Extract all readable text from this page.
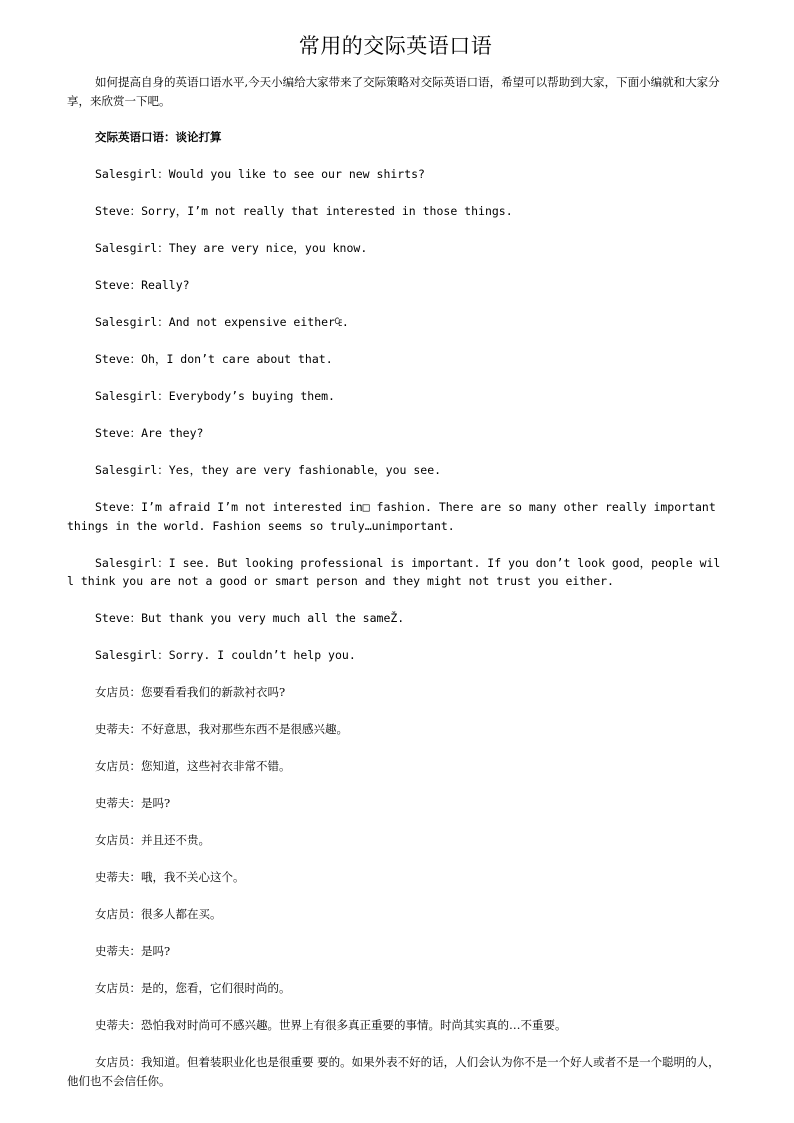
常用的交际英语口语

如何提高自身的英语口语水平,今天小编给大家带来了交际策略对交际英语口语，希望可以帮助到大家，下面小编就和大家分享，来欣赏一下吧。

交际英语口语：谈论打算

Salesgirl：Would you like to see our new shirts?

Steve：Sorry，I’m not really that interested in those things.

Salesgirl：They are very nice，you know.

Steve：Really?

Salesgirl：And not expensive either₠.

Steve：Oh，I don’t care about that.

Salesgirl：Everybody’s buying them.

Steve：Are they?

Salesgirl：Yes，they are very fashionable，you see.

Steve：I’m afraid I’m not interested in□ fashion. There are so many other really important things in the world. Fashion seems so truly…unimportant.

Salesgirl：I see. But looking professional is important. If you don’t look good，people will think you are not a good or smart person and they might not trust you either.

Steve：But thank you very much all the sameŽ.

Salesgirl：Sorry. I couldn’t help you.

女店员：您要看看我们的新款衬衣吗?

史蒂夫：不好意思，我对那些东西不是很感兴趣。

女店员：您知道，这些衬衣非常不错。

史蒂夫：是吗?

女店员：并且还不贵。

史蒂夫：哦，我不关心这个。

女店员：很多人都在买。

史蒂夫：是吗?

女店员：是的，您看，它们很时尚的。

史蒂夫：恐怕我对时尚可不感兴趣。世界上有很多真正重要的事情。时尚其实真的…不重要。

女店员：我知道。但着装职业化也是很重要 要的。如果外表不好的话，人们会认为你不是一个好人或者不是一个聪明的人，他们也不会信任你。
